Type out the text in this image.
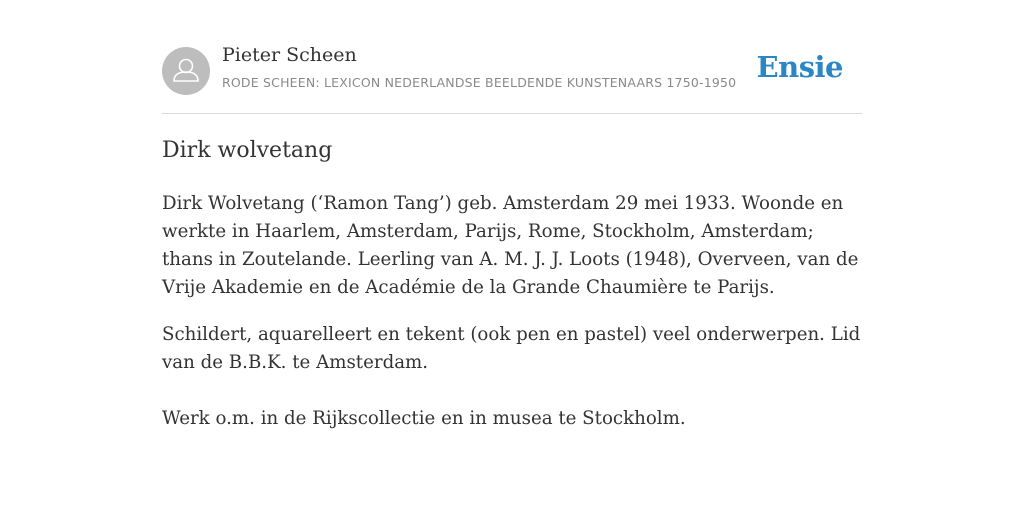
Pieter Scheen
RODE SCHEEN: LEXICON NEDERLANDSE BEELDENDE KUNSTENAARS 1750-1950 Ensie
Dirk wolvetang

Dirk Wolvetang (‘Ramon Tang’) geb. Amsterdam 29 mei 1933. Woonde en werkte in Haarlem, Amsterdam, Parijs, Rome, Stockholm, Amsterdam; thans in Zoutelande. Leerling van A. M. J. J. Loots (1948), Overveen, van de Vrije Akademie en de Académie de la Grande Chaumière te Parijs.

Schildert, aquarelleert en tekent (ook pen en pastel) veel onderwerpen. Lid van de B.B.K. te Amsterdam.

Werk o.m. in de Rijkscollectie en in musea te Stockholm.
